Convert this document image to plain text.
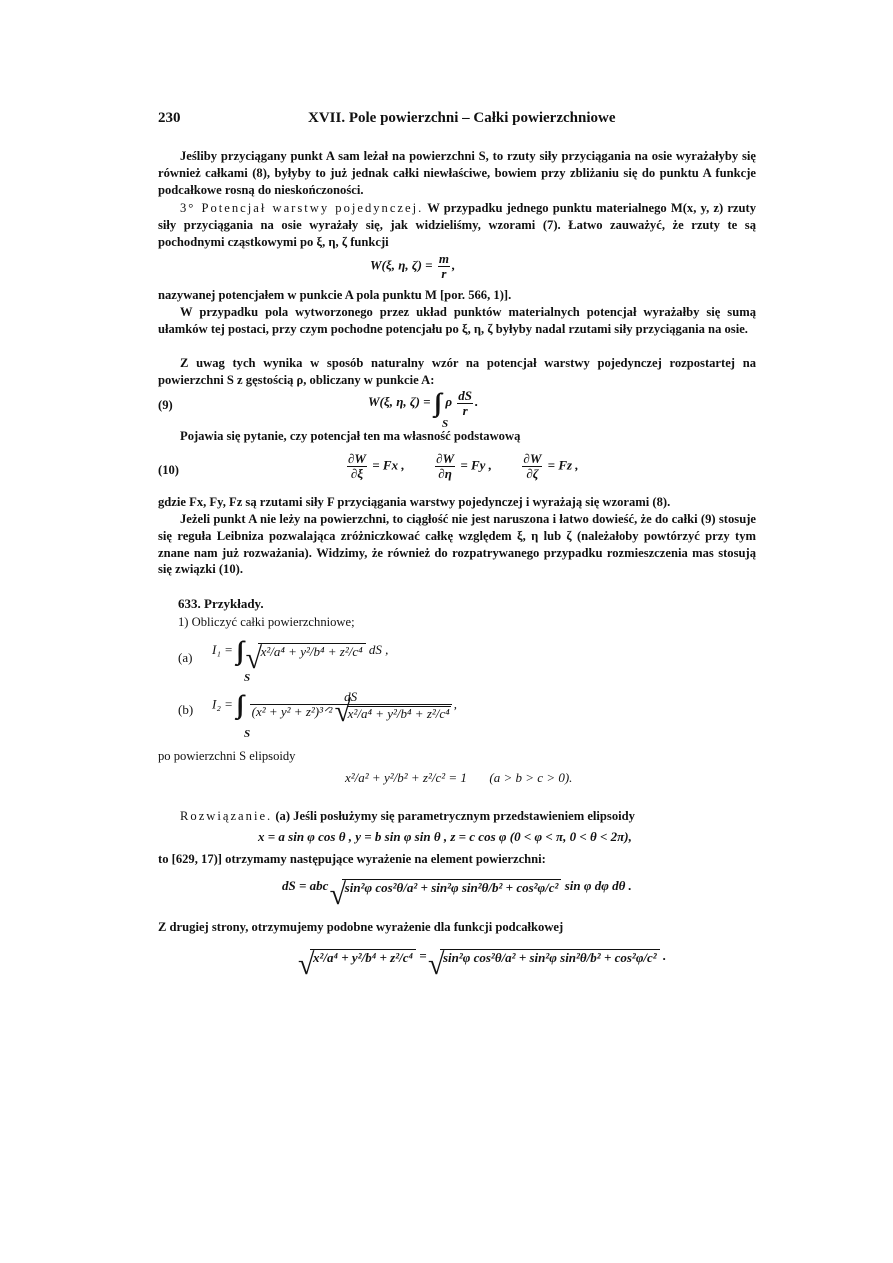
230	XVII. Pole powierzchni – Całki powierzchniowe
Jeśliby przyciągany punkt A sam leżał na powierzchni S, to rzuty siły przyciągania na osie wyrażałyby się również całkami (8), byłyby to już jednak całki niewłaściwe, bowiem przy zbliżaniu się do punktu A funkcje podcałkowe rosną do nieskończoności.
3° Potencjał warstwy pojedynczej. W przypadku jednego punktu materialnego M(x, y, z) rzuty siły przyciągania na osie wyrażały się, jak widzieliśmy, wzorami (7). Łatwo zauważyć, że rzuty te są pochodnymi cząstkowymi po ξ, η, ζ funkcji
W(ξ, η, $\zeta) = \frac{m}{r}$ ,
nazywanej potencjałem w punkcie A pola punktu M [por. 566, 1)].
W przypadku pola wytworzonego przez układ punktów materialnych potencjał wyrażałby się sumą ułamków tej postaci, przy czym pochodne potencjału po ξ, η, ζ byłyby nadal rzutami siły przyciągania na osie.
Z uwag tych wynika w sposób naturalny wzór na potencjał warstwy pojedynczej rozpostartej na powierzchni S z gęstością ρ, obliczany w punkcie A:
(9)	W(ξ, η, ζ) = ∫∫ ρ $\frac{dS}{r}$ .
S
Pojawia się pytanie, czy potencjał ten ma własność podstawową
(10)	$\frac{\partial W}{\partial\xi} = Fx$ , $\frac{\partial W}{\partial\eta} = Fy$ , $\frac{\partial W}{\partial\zeta} = Fz$ ,
gdzie Fx, Fy, Fz są rzutami siły F przyciągania warstwy pojedynczej i wyrażają się wzorami (8).
Jeżeli punkt A nie leży na powierzchni, to ciągłość nie jest naruszona i łatwo dowieść, że do całki (9) stosuje się reguła Leibniza pozwalająca zróżniczkować całkę względem ξ, η lub ζ (należałoby powtórzyć przy tym znane nam już rozważania). Widzimy, że również do rozpatrywanego przypadku rozmieszczenia mas stosują się związki (10).
633. Przykłady.
1) Obliczyć całki powierzchniowe;
(a)
I₁ = ∫∫ √ x²/a⁴ + y²/b⁴ + z²/c⁴ dS ,
S
(b) I₂ = ∫∫ $\frac{dS}{\text{(x² + y² + z²)³ᐟ² √ x²/a⁴ + y²/b⁴ + z²/c⁴}}$ ,
S
po powierzchni S elipsoidy
x²/a² + y²/b² + z²/c² = 1 (a > b > c > 0).
Rozwiązanie. (a) Jeśli posłużymy się parametrycznym przedstawieniem elipsoidy
x = a sin φ cos θ , y = b sin φ sin θ , z = c cos φ (0 < φ < π, 0 < θ < 2π),
to [629, 17)] otrzymamy następujące wyrażenie na element powierzchni:
dS = abc √ sin²φ cos²θ/a² + sin²φ sin²θ/b² + cos²φ/c² sin φ dφ dθ .
Z drugiej strony, otrzymujemy podobne wyrażenie dla funkcji podcałkowej
√ x²/a⁴ + y²/b⁴ + z²/c⁴ = √ sin²φ cos²θ/a² + sin²φ sin²θ/b² + cos²φ/c² .
